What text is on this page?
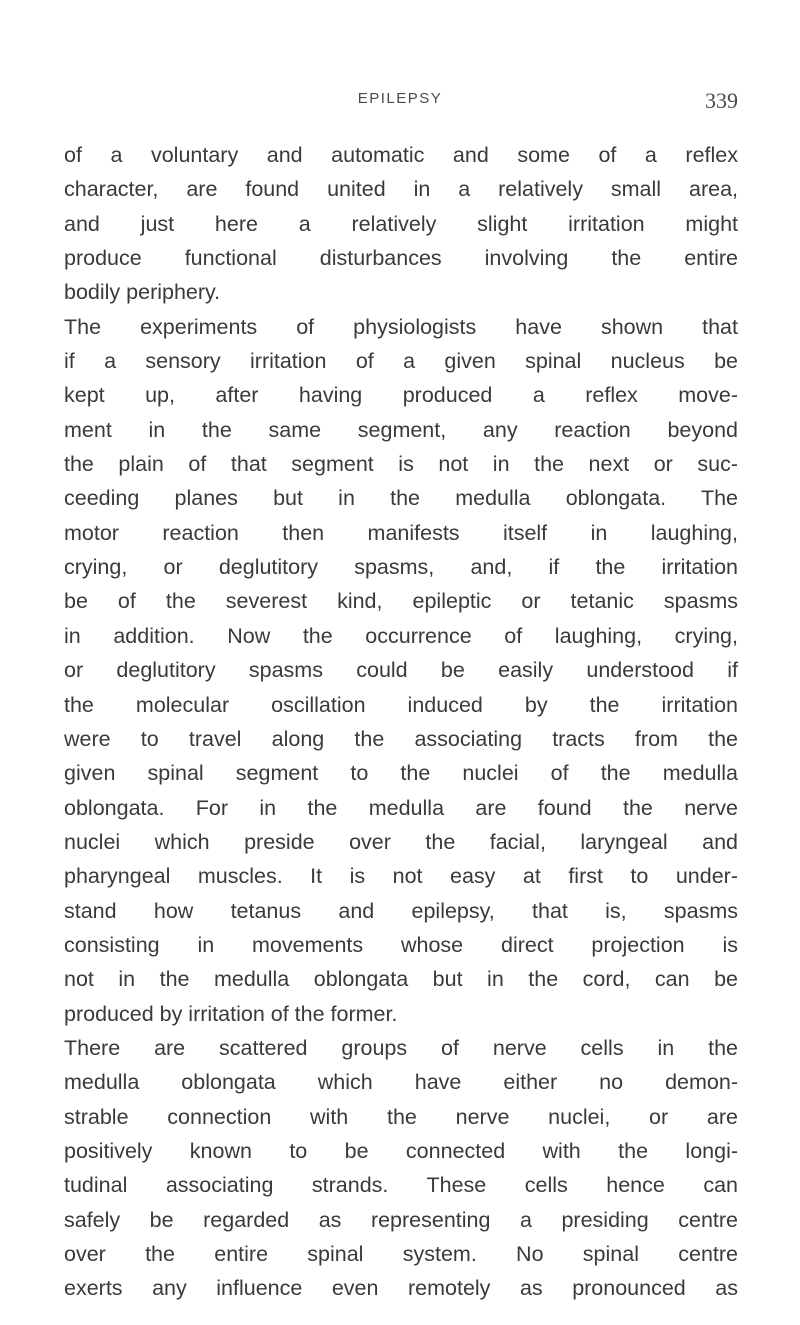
EPILEPSY	339
of a voluntary and automatic and some of a reflex
character, are found united in a relatively small area,
and just here a relatively slight irritation might
produce functional disturbances involving the entire
bodily periphery.
The experiments of physiologists have shown that
if a sensory irritation of a given spinal nucleus be
kept up, after having produced a reflex move-
ment in the same segment, any reaction beyond
the plain of that segment is not in the next or suc-
ceeding planes but in the medulla oblongata. The
motor reaction then manifests itself in laughing,
crying, or deglutitory spasms, and, if the irritation
be of the severest kind, epileptic or tetanic spasms
in addition. Now the occurrence of laughing, crying,
or deglutitory spasms could be easily understood if
the molecular oscillation induced by the irritation
were to travel along the associating tracts from the
given spinal segment to the nuclei of the medulla
oblongata. For in the medulla are found the nerve
nuclei which preside over the facial, laryngeal and
pharyngeal muscles. It is not easy at first to under-
stand how tetanus and epilepsy, that is, spasms
consisting in movements whose direct projection is
not in the medulla oblongata but in the cord, can be
produced by irritation of the former.
There are scattered groups of nerve cells in the
medulla oblongata which have either no demon-
strable connection with the nerve nuclei, or are
positively known to be connected with the longi-
tudinal associating strands. These cells hence can
safely be regarded as representing a presiding centre
over the entire spinal system. No spinal centre
exerts any influence even remotely as pronounced as
